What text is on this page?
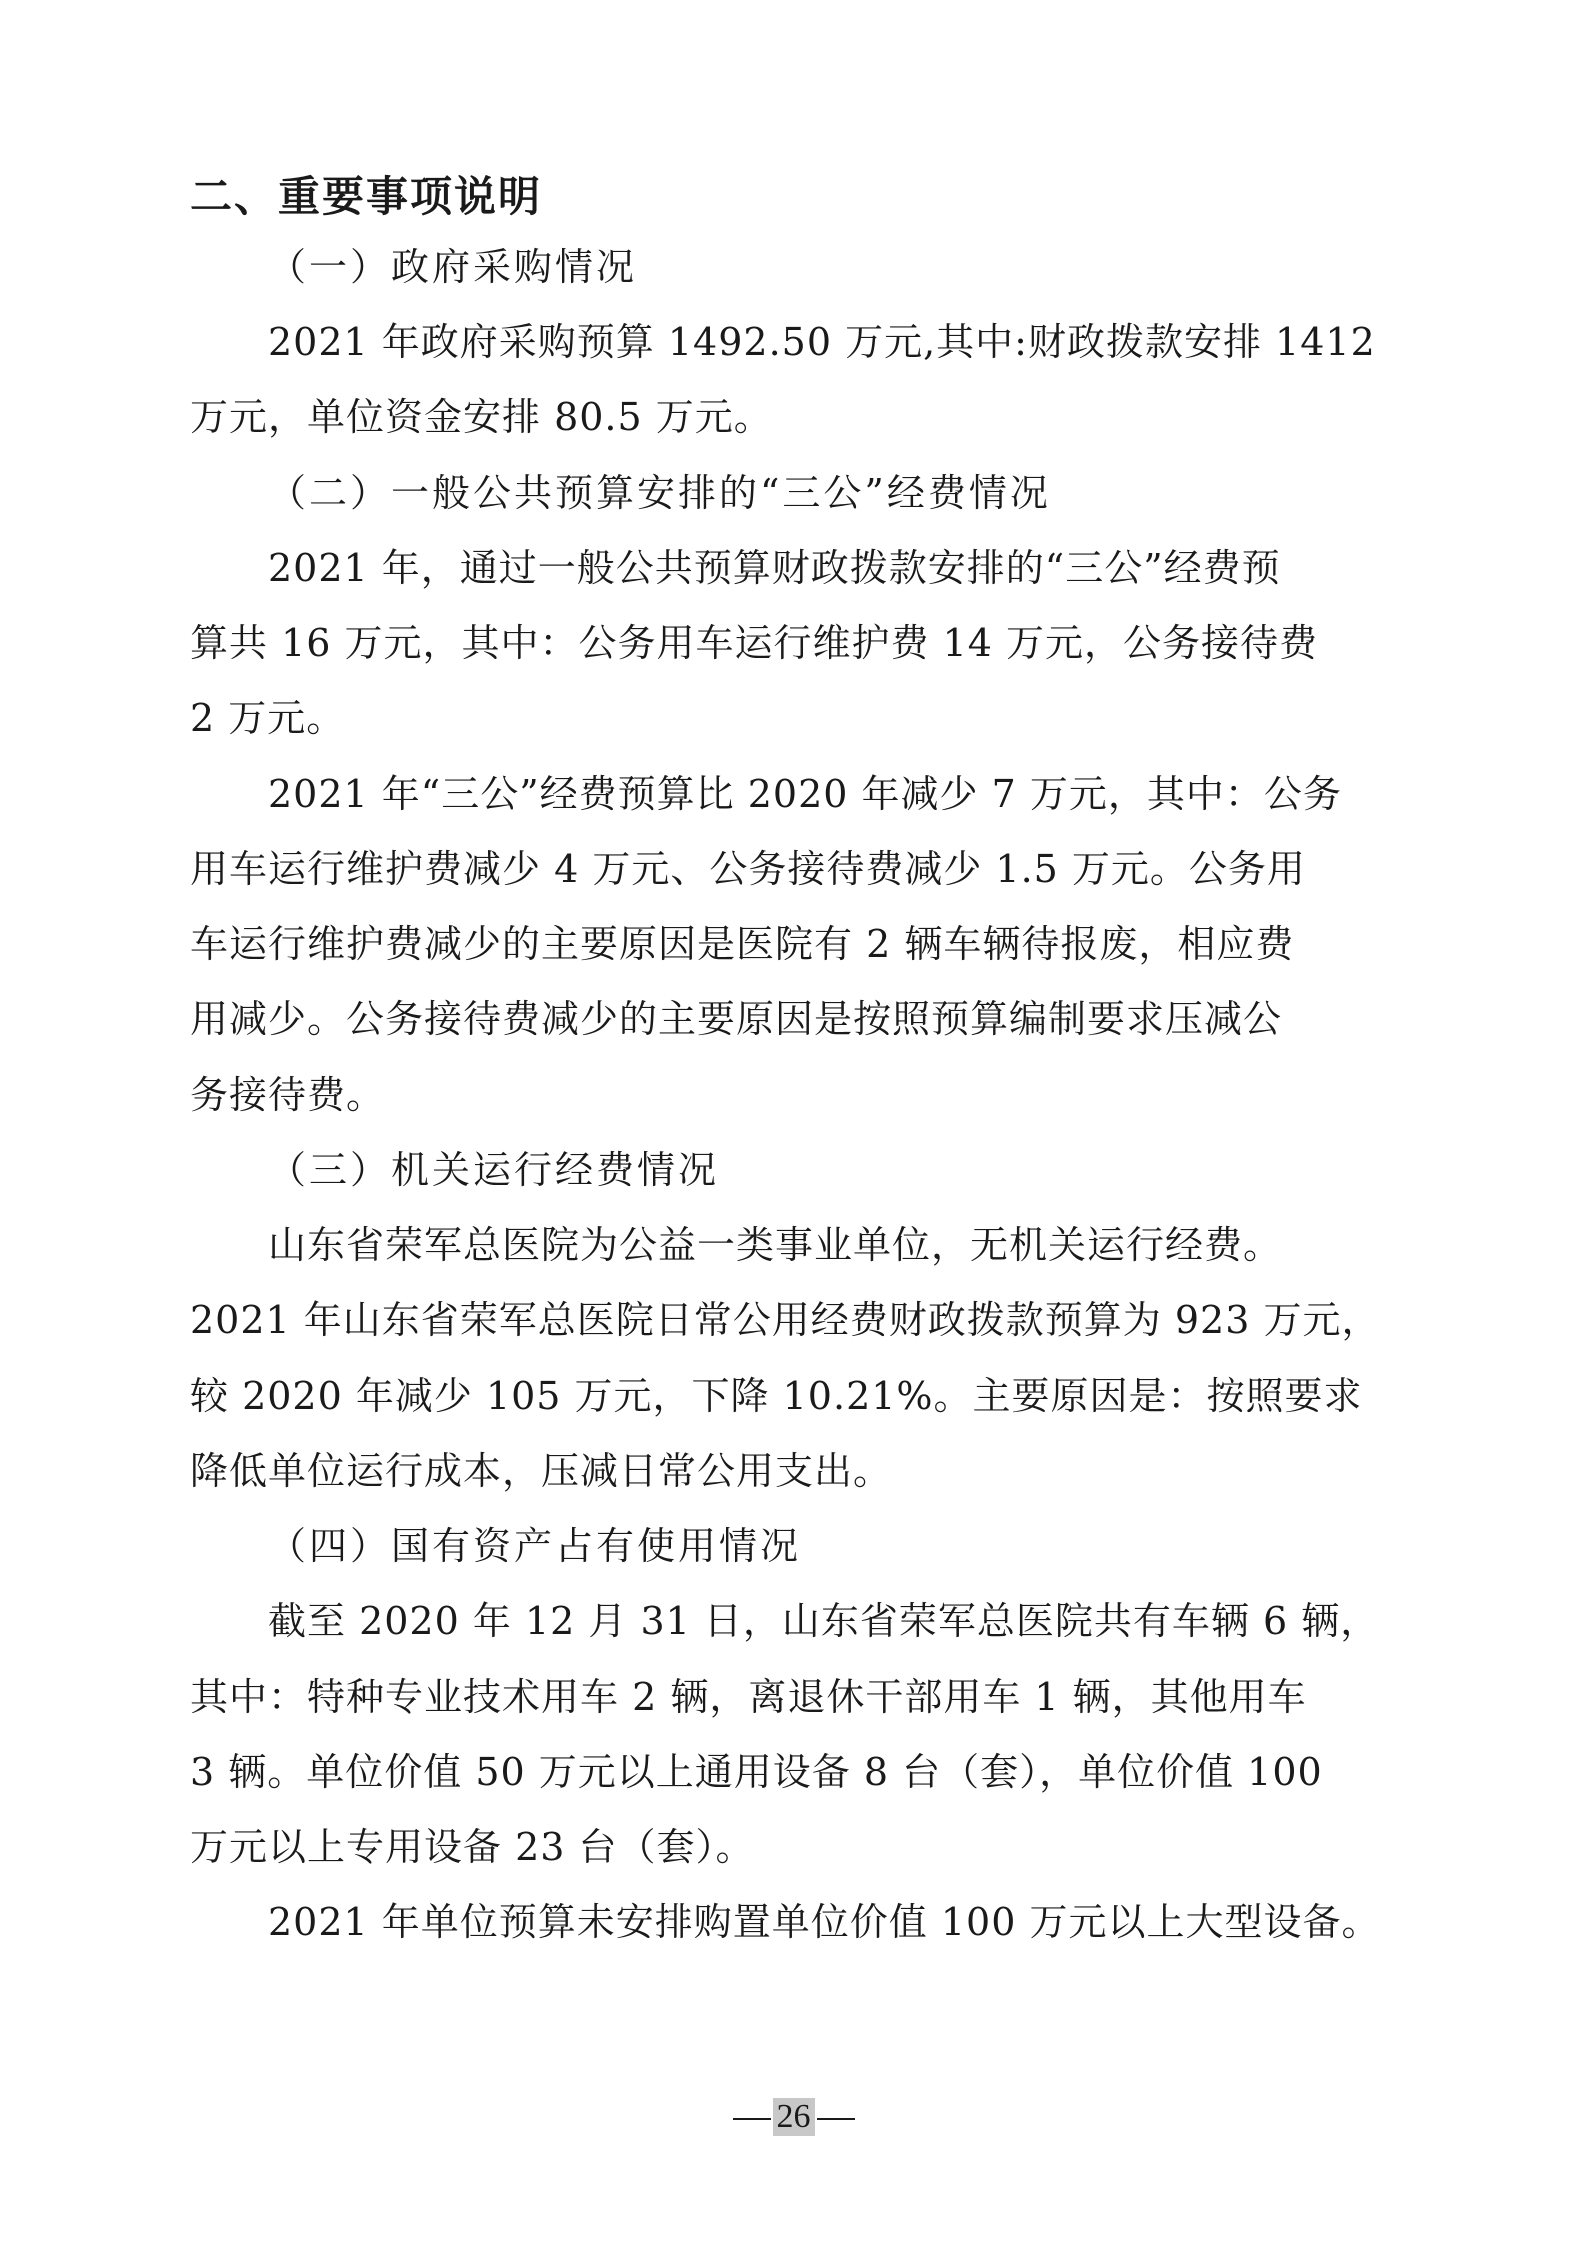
二、重要事项说明
（一）政府采购情况
2021 年政府采购预算 1492.50 万元,其中:财政拨款安排 1412
万元，单位资金安排 80.5 万元。
（二）一般公共预算安排的“三公”经费情况
2021 年，通过一般公共预算财政拨款安排的“三公”经费预
算共 16 万元，其中：公务用车运行维护费 14 万元，公务接待费
2 万元。
2021 年“三公”经费预算比 2020 年减少 7 万元，其中：公务
用车运行维护费减少 4 万元、公务接待费减少 1.5 万元。公务用
车运行维护费减少的主要原因是医院有 2 辆车辆待报废，相应费
用减少。公务接待费减少的主要原因是按照预算编制要求压减公
务接待费。
（三）机关运行经费情况
山东省荣军总医院为公益一类事业单位，无机关运行经费。
2021 年山东省荣军总医院日常公用经费财政拨款预算为 923 万元，
较 2020 年减少 105 万元，下降 10.21%。主要原因是：按照要求
降低单位运行成本，压减日常公用支出。
（四）国有资产占有使用情况
截至 2020 年 12 月 31 日，山东省荣军总医院共有车辆 6 辆，
其中：特种专业技术用车 2 辆，离退休干部用车 1 辆，其他用车
3 辆。单位价值 50 万元以上通用设备 8 台（套），单位价值 100
万元以上专用设备 23 台（套）。
2021 年单位预算未安排购置单位价值 100 万元以上大型设备。
26
